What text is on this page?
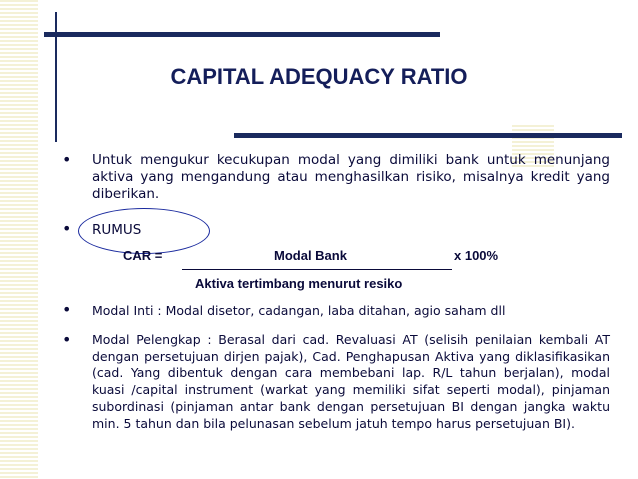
CAPITAL ADEQUACY RATIO
• Untuk mengukur kecukupan modal yang dimiliki bank untuk menunjang aktiva yang mengandung atau menghasilkan risiko, misalnya kredit yang diberikan.
• RUMUS
CAR =	Modal Bank	x 100%
Aktiva tertimbang menurut resiko
• Modal Inti : Modal disetor, cadangan, laba ditahan, agio saham dll
• Modal Pelengkap : Berasal dari cad. Revaluasi AT (selisih penilaian kembali AT dengan persetujuan dirjen pajak), Cad. Penghapusan Aktiva yang diklasifikasikan (cad. Yang dibentuk dengan cara membebani lap. R/L tahun berjalan), modal kuasi /capital instrument (warkat yang memiliki sifat seperti modal), pinjaman subordinasi (pinjaman antar bank dengan persetujuan BI dengan jangka waktu min. 5 tahun dan bila pelunasan sebelum jatuh tempo harus persetujuan BI).
